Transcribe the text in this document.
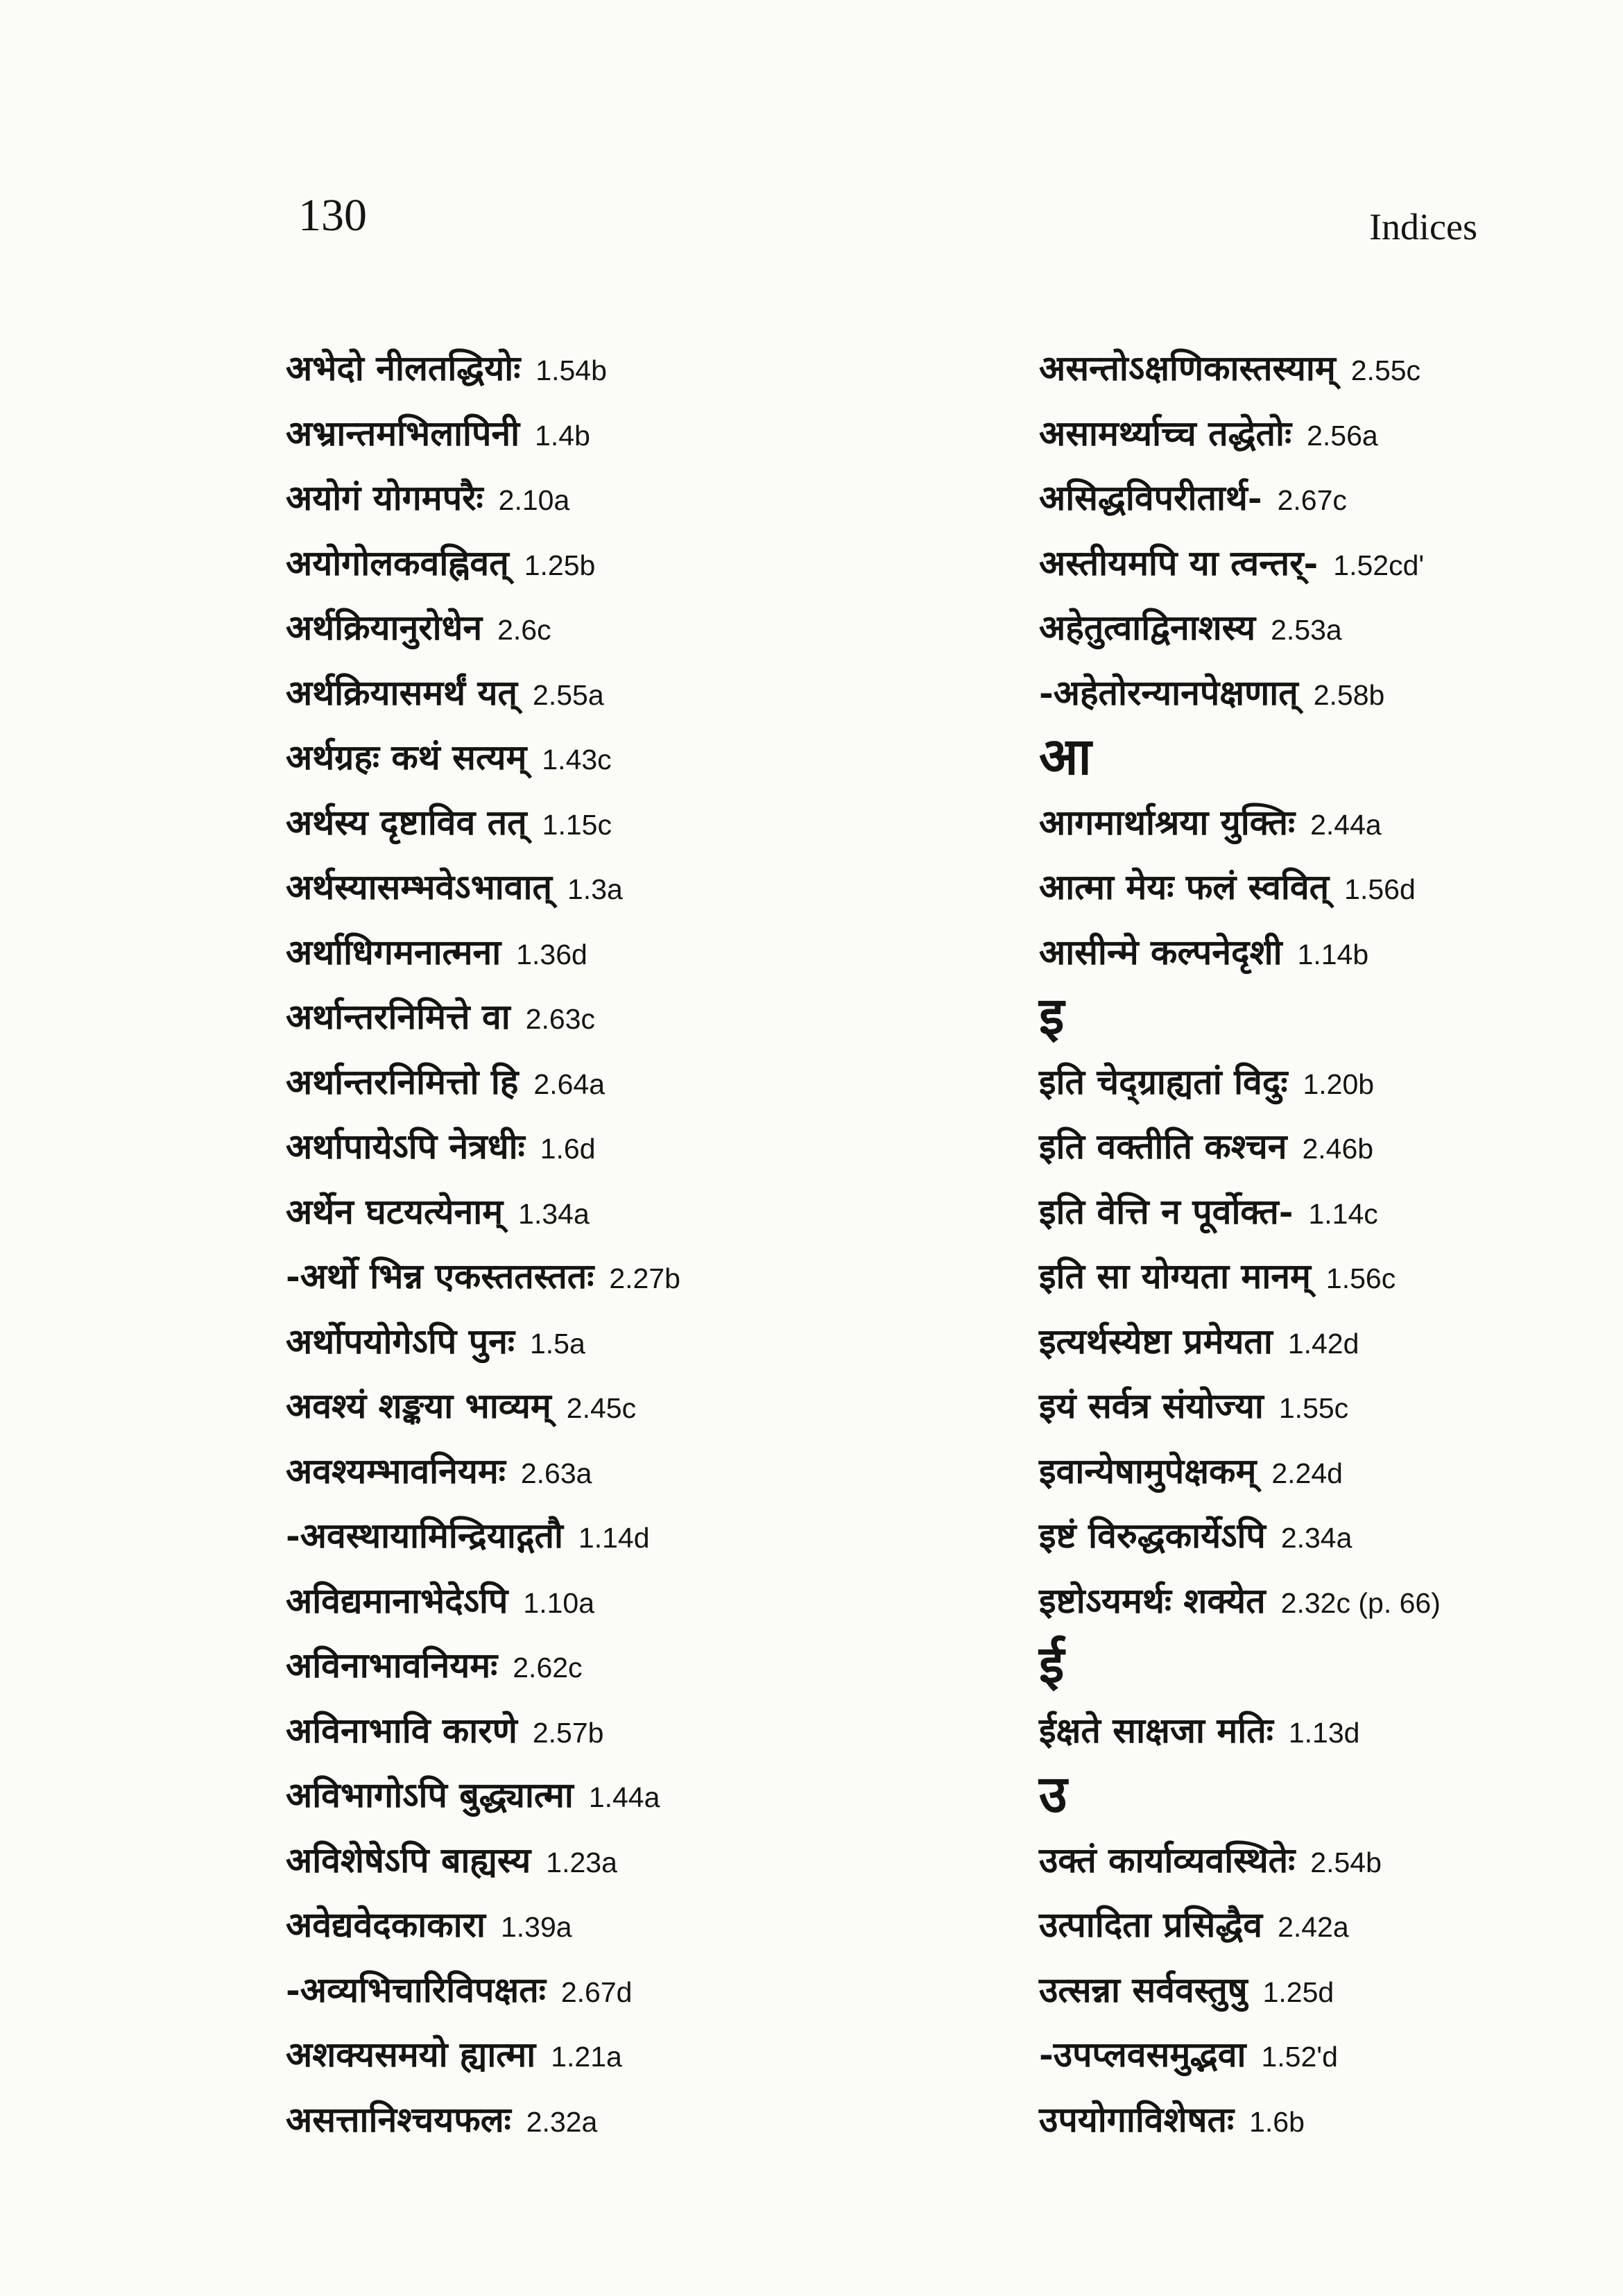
130	Indices
अभेदो नीलतद्धियोः 1.54b
अभ्रान्तमभिलापिनी 1.4b
अयोगं योगमपरैः 2.10a
अयोगोलकवह्निवत् 1.25b
अर्थक्रियानुरोधेन 2.6c
अर्थक्रियासमर्थं यत् 2.55a
अर्थग्रहः कथं सत्यम् 1.43c
अर्थस्य दृष्टाविव तत् 1.15c
अर्थस्यासम्भवेऽभावात् 1.3a
अर्थाधिगमनात्मना 1.36d
अर्थान्तरनिमित्ते वा 2.63c
अर्थान्तरनिमित्तो हि 2.64a
अर्थापायेऽपि नेत्रधीः 1.6d
अर्थेन घटयत्येनाम् 1.34a
-अर्थो भिन्न एकस्ततस्ततः 2.27b
अर्थोपयोगेऽपि पुनः 1.5a
अवश्यं शङ्कया भाव्यम् 2.45c
अवश्यम्भावनियमः 2.63a
-अवस्थायामिन्द्रियाद्गतौ 1.14d
अविद्यमानाभेदेऽपि 1.10a
अविनाभावनियमः 2.62c
अविनाभावि कारणे 2.57b
अविभागोऽपि बुद्ध्यात्मा 1.44a
अविशेषेऽपि बाह्यस्य 1.23a
अवेद्यवेदकाकारा 1.39a
-अव्यभिचारिविपक्षतः 2.67d
अशक्यसमयो ह्यात्मा 1.21a
असत्तानिश्चयफलः 2.32a
असन्तोऽक्षणिकास्तस्याम् 2.55c
असामर्थ्याच्च तद्धेतोः 2.56a
असिद्धविपरीतार्थ- 2.67c
अस्तीयमपि या त्वन्तर्- 1.52cd'
अहेतुत्वाद्विनाशस्य 2.53a
-अहेतोरन्यानपेक्षणात् 2.58b
आ
आगमार्थाश्रया युक्तिः 2.44a
आत्मा मेयः फलं स्ववित् 1.56d
आसीन्मे कल्पनेदृशी 1.14b
इ
इति चेद्ग्राह्यतां विदुः 1.20b
इति वक्तीति कश्चन 2.46b
इति वेत्ति न पूर्वोक्त- 1.14c
इति सा योग्यता मानम् 1.56c
इत्यर्थस्येष्टा प्रमेयता 1.42d
इयं सर्वत्र संयोज्या 1.55c
इवान्येषामुपेक्षकम् 2.24d
इष्टं विरुद्धकार्येऽपि 2.34a
इष्टोऽयमर्थः शक्येत 2.32c (p. 66)
ई
ईक्षते साक्षजा मतिः 1.13d
उ
उक्तं कार्याव्यवस्थितेः 2.54b
उत्पादिता प्रसिद्धैव 2.42a
उत्सन्ना सर्ववस्तुषु 1.25d
-उपप्लवसमुद्भवा 1.52'd
उपयोगाविशेषतः 1.6b
